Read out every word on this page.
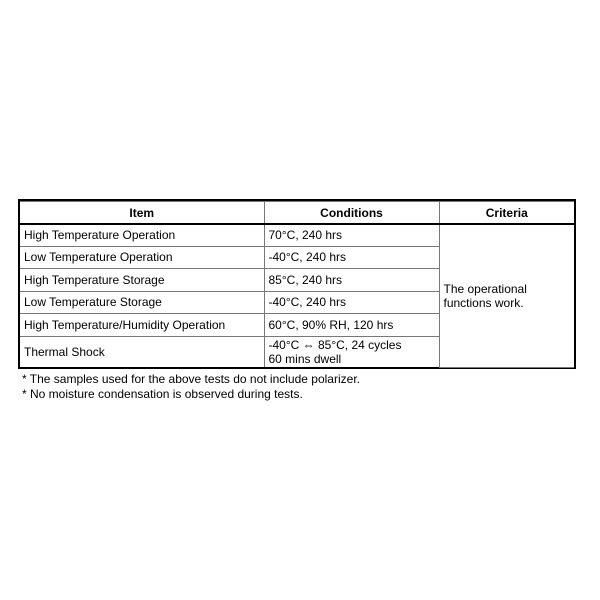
Item	Conditions	Criteria
High Temperature Operation	70°C, 240 hrs	The operational
functions work.

Low Temperature Operation	-40°C, 240 hrs	
High Temperature Storage	85°C, 240 hrs	
Low Temperature Storage	-40°C, 240 hrs	
High Temperature/Humidity Operation	60°C, 90% RH, 120 hrs	
Thermal Shock	-40°C ⇔ 85°C, 24 cycles
60 mins dwell	
* The samples used for the above tests do not include polarizer.
* No moisture condensation is observed during tests.
